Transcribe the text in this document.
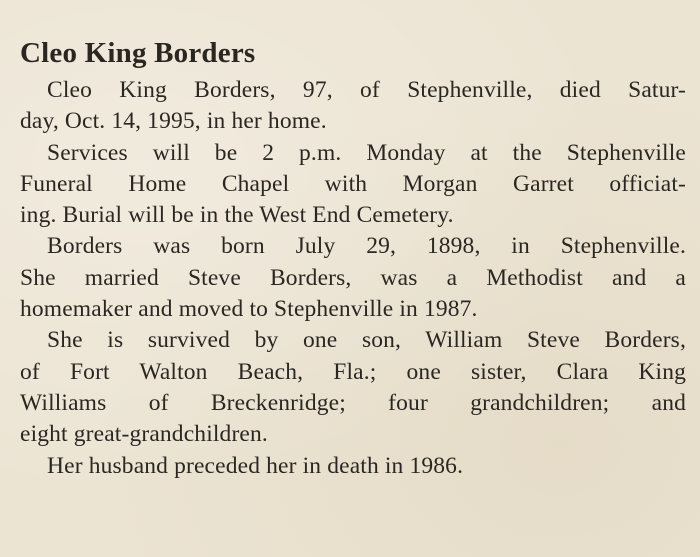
Cleo King Borders
Cleo King Borders, 97, of Stephenville, died Satur-
day, Oct. 14, 1995, in her home.
Services will be 2 p.m. Monday at the Stephenville
Funeral Home Chapel with Morgan Garret officiat-
ing. Burial will be in the West End Cemetery.
Borders was born July 29, 1898, in Stephenville.
She married Steve Borders, was a Methodist and a
homemaker and moved to Stephenville in 1987.
She is survived by one son, William Steve Borders,
of Fort Walton Beach, Fla.; one sister, Clara King
Williams of Breckenridge; four grandchildren; and
eight great-grandchildren.
Her husband preceded her in death in 1986.
